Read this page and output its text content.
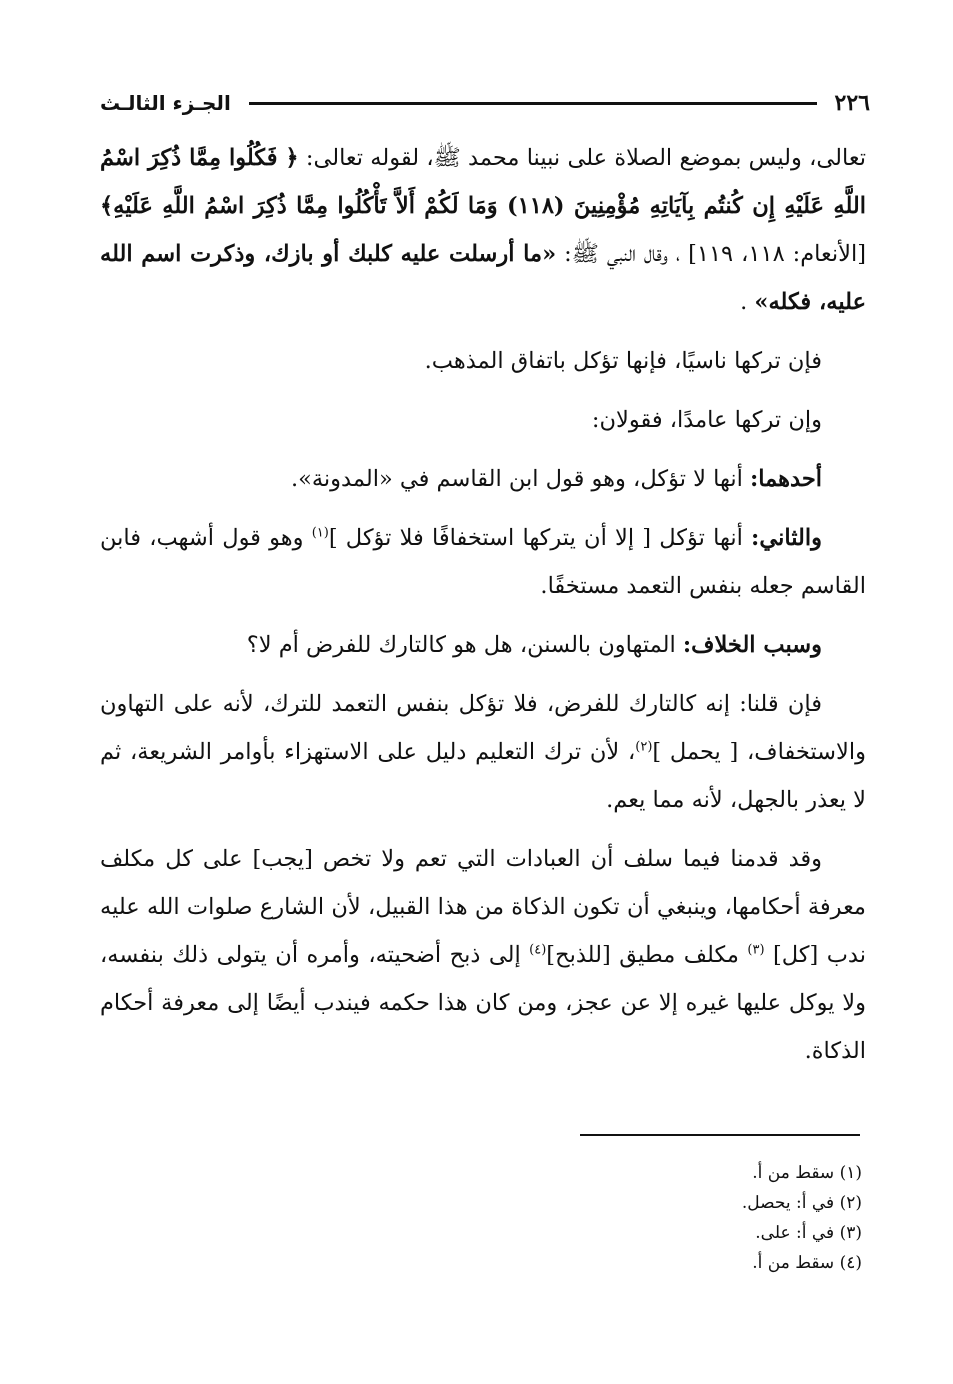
٢٢٦
الجـزء الثالـث

تعالى، وليس بموضع الصلاة على نبينا محمد ﷺ، لقوله تعالى: ﴿ فَكُلُوا مِمَّا ذُكِرَ اسْمُ اللَّهِ عَلَيْهِ إِن كُنتُم بِآيَاتِهِ مُؤْمِنِينَ (١١٨) وَمَا لَكُمْ أَلاَّ تَأْكُلُوا مِمَّا ذُكِرَ اسْمُ اللَّهِ عَلَيْهِ﴾ [الأنعام: ١١٨، ١١٩] ، وقال النبي ﷺ: «ما أرسلت عليه كلبك أو بازك، وذكرت اسم الله عليه، فكله» .

فإن تركها ناسيًا، فإنها تؤكل باتفاق المذهب.

وإن تركها عامدًا، فقولان:

أحدهما: أنها لا تؤكل، وهو قول ابن القاسم في «المدونة».

والثاني: أنها تؤكل [ إلا أن يتركها استخفافًا فلا تؤكل ]$^{(١)}$ وهو قول أشهب، فابن القاسم جعله بنفس التعمد مستخفًا.

وسبب الخلاف: المتهاون بالسنن، هل هو كالتارك للفرض أم لا؟

فإن قلنا: إنه كالتارك للفرض، فلا تؤكل بنفس التعمد للترك، لأنه على التهاون والاستخفاف، [ يحمل ]$^{(٢)}$، لأن ترك التعليم دليل على الاستهزاء بأوامر الشريعة، ثم لا يعذر بالجهل، لأنه مما يعم.

وقد قدمنا فيما سلف أن العبادات التي تعم ولا تخص [يجب] على كل مكلف معرفة أحكامها، وينبغي أن تكون الذكاة من هذا القبيل، لأن الشارع صلوات الله عليه ندب [كل] $^{(٣)}$ مكلف مطيق [للذبح]$^{(٤)}$ إلى ذبح أضحيته، وأمره أن يتولى ذلك بنفسه، ولا يوكل عليها غيره إلا عن عجز، ومن كان هذا حكمه فيندب أيضًا إلى معرفة أحكام الذكاة.

(١) سقط من أ.
(٢) في أ: يحصل.
(٣) في أ: على.
(٤) سقط من أ.
